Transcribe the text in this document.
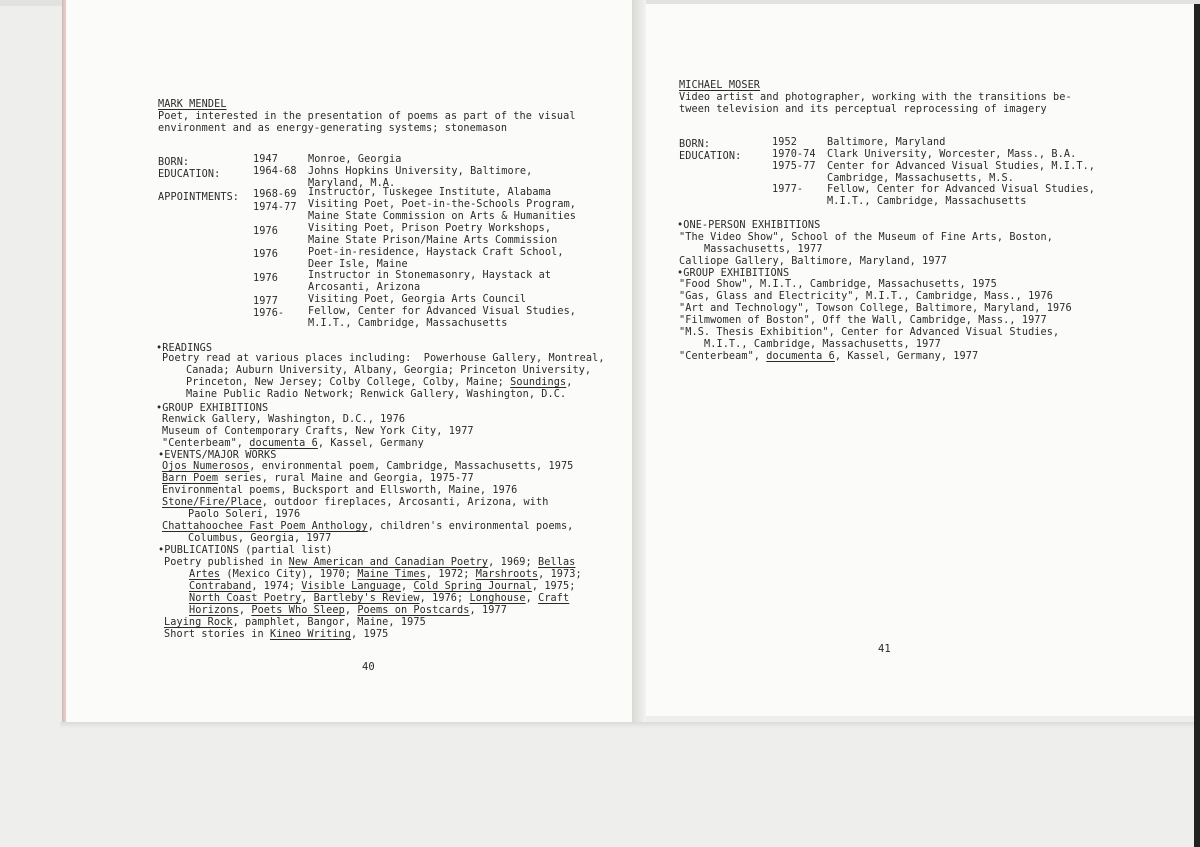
MARK MENDEL
Poet, interested in the presentation of poems as part of the visual
environment and as energy-generating systems; stonemason
BORN:	1947	Monroe, Georgia
EDUCATION:	1964-68 Johns Hopkins University, Baltimore,
Maryland, M.A.
APPOINTMENTS: 1968-69 Instructor, Tuskegee Institute, Alabama
1974-77 Visiting Poet, Poet-in-the-Schools Program,
Maine State Commission on Arts & Humanities
1976	Visiting Poet, Prison Poetry Workshops,
Maine State Prison/Maine Arts Commission
1976	Poet-in-residence, Haystack Craft School,
Deer Isle, Maine
1976	Instructor in Stonemasonry, Haystack at
Arcosanti, Arizona
1977	Visiting Poet, Georgia Arts Council
1976- Fellow, Center for Advanced Visual Studies,
M.I.T., Cambridge, Massachusetts
•READINGS
Poetry read at various places including:  Powerhouse Gallery, Montreal,
Canada; Auburn University, Albany, Georgia; Princeton University,
Princeton, New Jersey; Colby College, Colby, Maine; Soundings,
Maine Public Radio Network; Renwick Gallery, Washington, D.C.
•GROUP EXHIBITIONS
Renwick Gallery, Washington, D.C., 1976
Museum of Contemporary Crafts, New York City, 1977
"Centerbeam", documenta 6, Kassel, Germany
•EVENTS/MAJOR WORKS
Ojos Numerosos, environmental poem, Cambridge, Massachusetts, 1975
Barn Poem series, rural Maine and Georgia, 1975-77
Environmental poems, Bucksport and Ellsworth, Maine, 1976
Stone/Fire/Place, outdoor fireplaces, Arcosanti, Arizona, with
Paolo Soleri, 1976
Chattahoochee Fast Poem Anthology, children's environmental poems,
Columbus, Georgia, 1977
•PUBLICATIONS (partial list)
Poetry published in New American and Canadian Poetry, 1969; Bellas
Artes (Mexico City), 1970; Maine Times, 1972; Marshroots, 1973;
Contraband, 1974; Visible Language, Cold Spring Journal, 1975;
North Coast Poetry, Bartleby's Review, 1976; Longhouse, Craft
Horizons, Poets Who Sleep, Poems on Postcards, 1977
Laying Rock, pamphlet, Bangor, Maine, 1975
Short stories in Kineo Writing, 1975
40
MICHAEL MOSER
Video artist and photographer, working with the transitions be-
tween television and its perceptual reprocessing of imagery
BORN:	1952	Baltimore, Maryland
EDUCATION:	1970-74 Clark University, Worcester, Mass., B.A.
1975-77 Center for Advanced Visual Studies, M.I.T.,
Cambridge, Massachusetts, M.S.
1977- Fellow, Center for Advanced Visual Studies,
M.I.T., Cambridge, Massachusetts
•ONE-PERSON EXHIBITIONS
"The Video Show", School of the Museum of Fine Arts, Boston,
Massachusetts, 1977
Calliope Gallery, Baltimore, Maryland, 1977
•GROUP EXHIBITIONS
"Food Show", M.I.T., Cambridge, Massachusetts, 1975
"Gas, Glass and Electricity", M.I.T., Cambridge, Mass., 1976
"Art and Technology", Towson College, Baltimore, Maryland, 1976
"Filmwomen of Boston", Off the Wall, Cambridge, Mass., 1977
"M.S. Thesis Exhibition", Center for Advanced Visual Studies,
M.I.T., Cambridge, Massachusetts, 1977
"Centerbeam", documenta 6, Kassel, Germany, 1977
41
